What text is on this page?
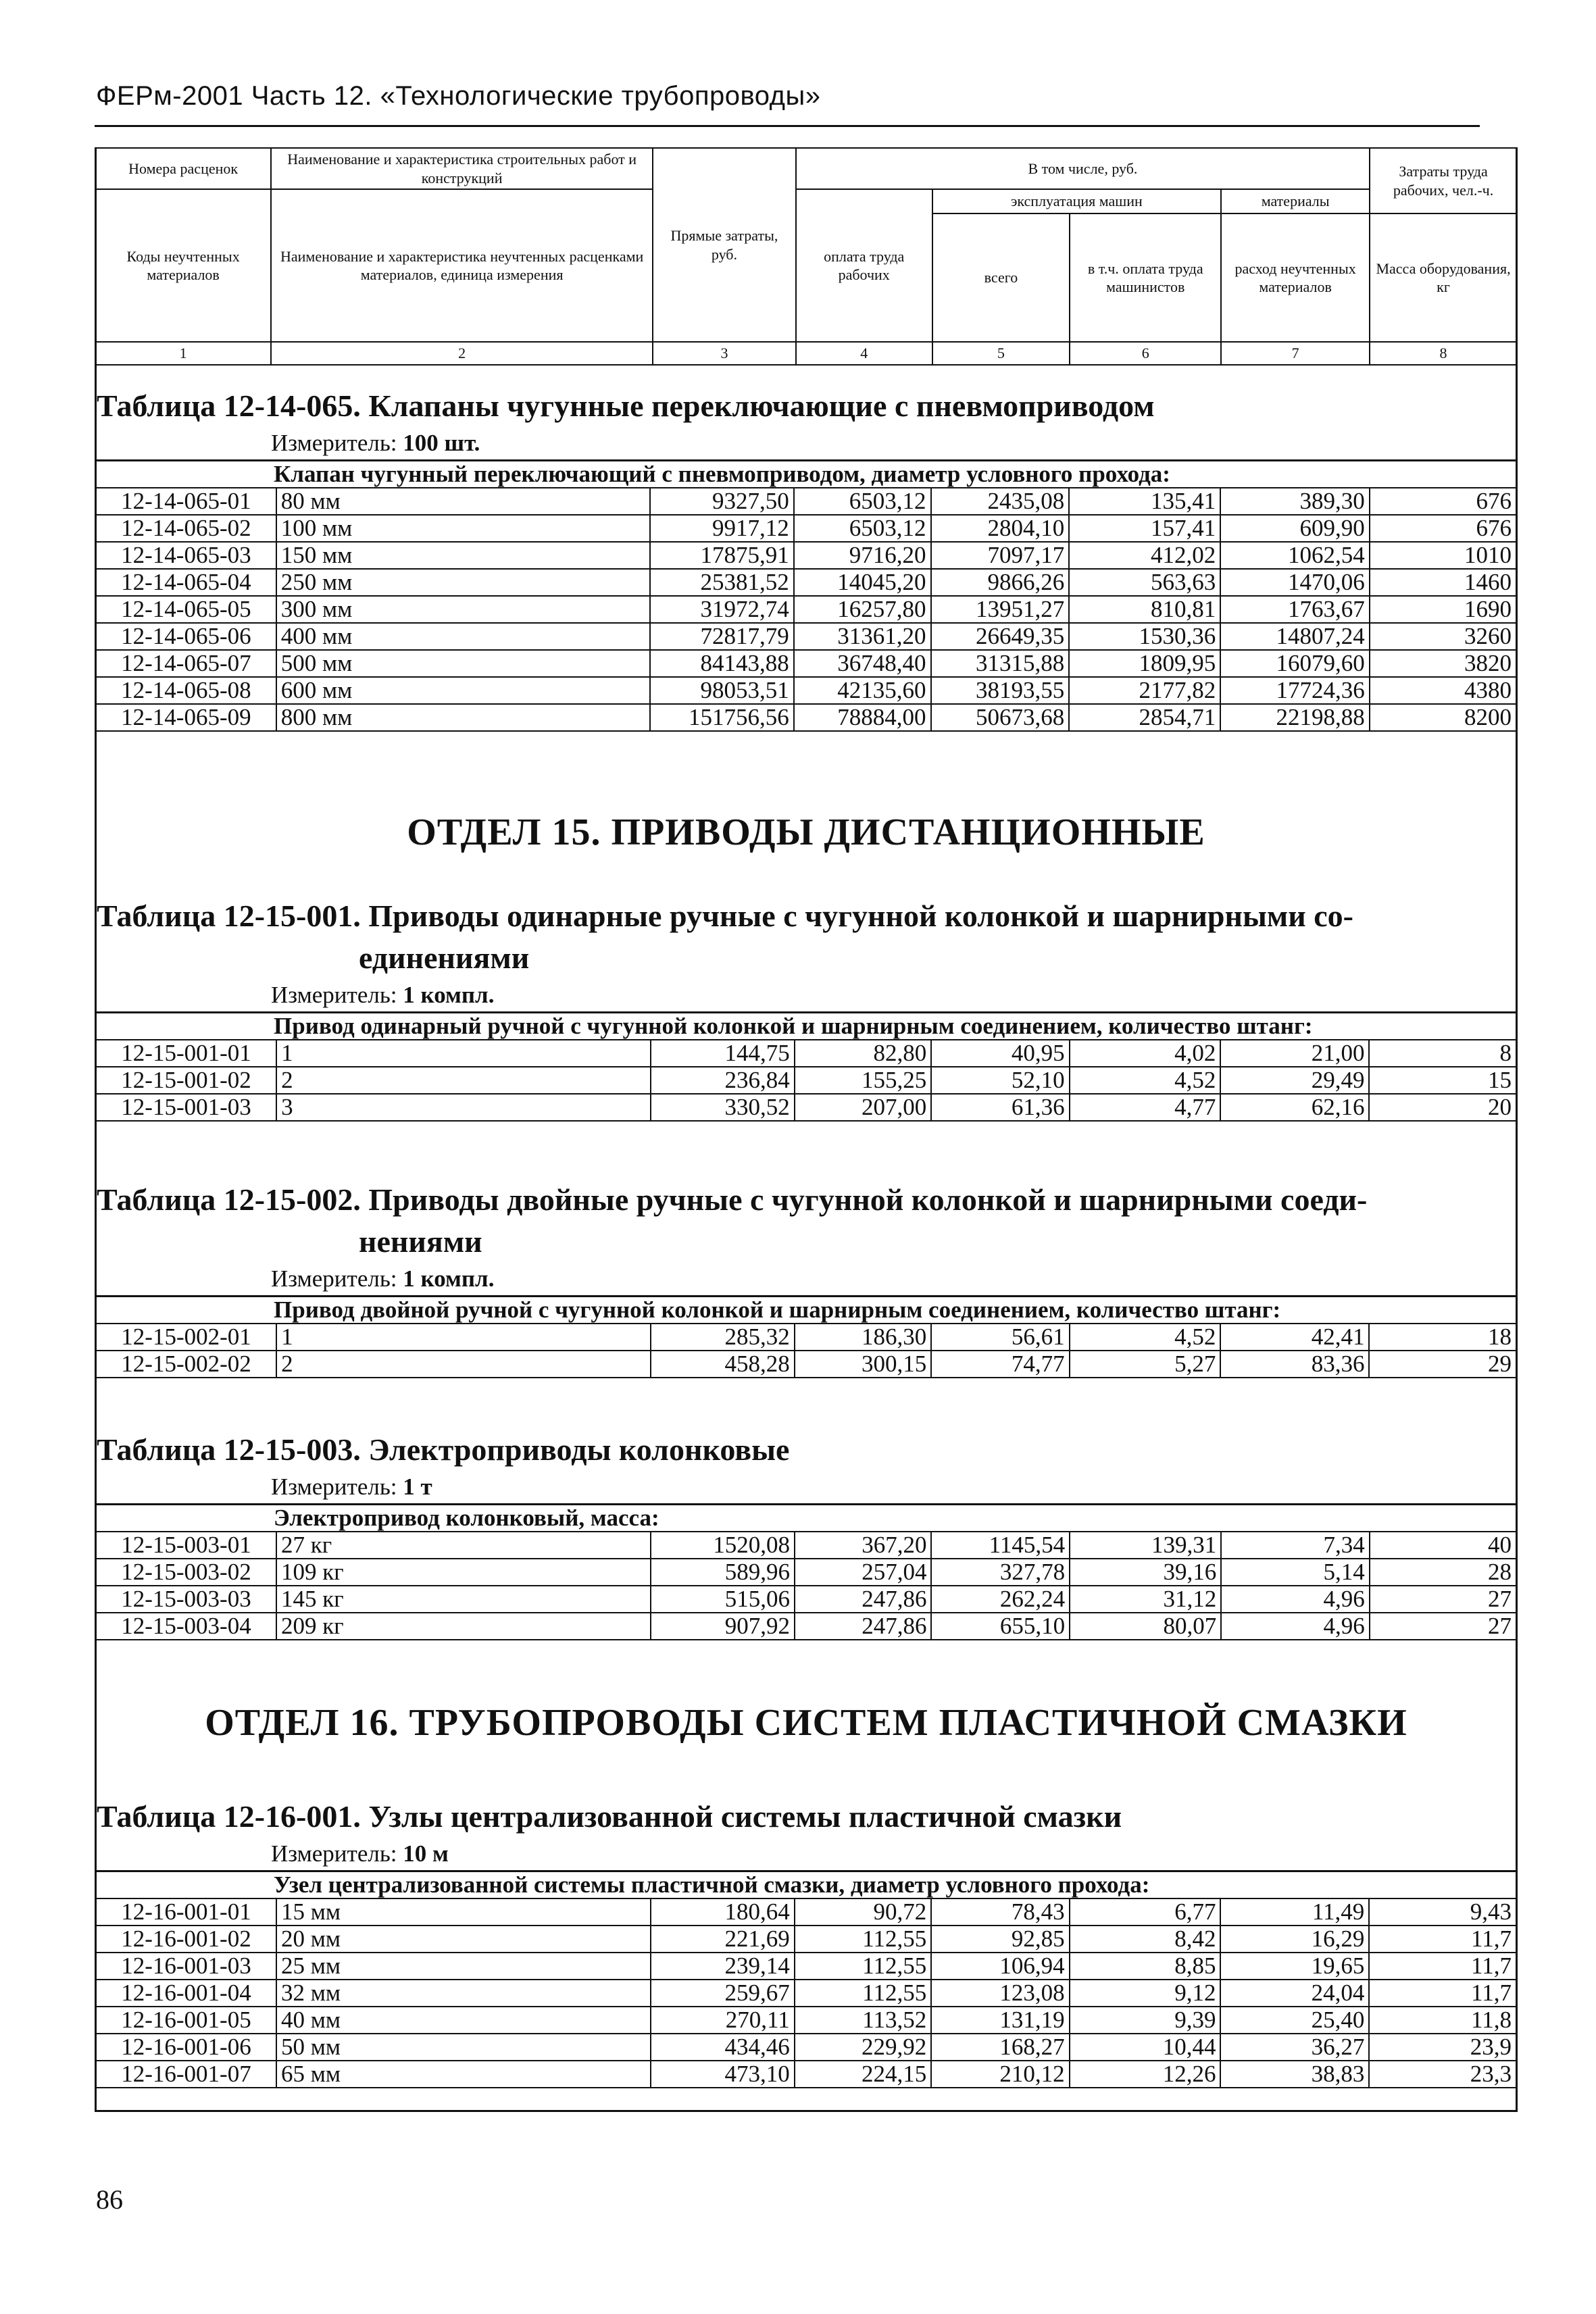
ФЕРм-2001 Часть 12. «Технологические трубопроводы»
Номера расценок	Наименование и характеристика строительных работ и конструкций	Прямые затраты, руб.	В том числе, руб.				Затраты труда рабочих, чел.-ч.
Коды неучтенных материалов	Наименование и характеристика неучтенных расценками материалов, единица измерения		оплата труда рабочих	эксплуатация машин		материалы	
				всего	в т.ч. оплата труда машинистов	расход неучтенных материалов	Масса оборудования, кг
1	2	3	4	5	6	7	8
Таблица 12-14-065. Клапаны чугунные переключающие с пневмоприводом
Измеритель: 100 шт.
Клапан чугунный переключающий с пневмоприводом, диаметр условного прохода:							
12-14-065-01	80 мм	9327,50	6503,12	2435,08	135,41	389,30	676
12-14-065-02	100 мм	9917,12	6503,12	2804,10	157,41	609,90	676
12-14-065-03	150 мм	17875,91	9716,20	7097,17	412,02	1062,54	1010
12-14-065-04	250 мм	25381,52	14045,20	9866,26	563,63	1470,06	1460
12-14-065-05	300 мм	31972,74	16257,80	13951,27	810,81	1763,67	1690
12-14-065-06	400 мм	72817,79	31361,20	26649,35	1530,36	14807,24	3260
12-14-065-07	500 мм	84143,88	36748,40	31315,88	1809,95	16079,60	3820
12-14-065-08	600 мм	98053,51	42135,60	38193,55	2177,82	17724,36	4380
12-14-065-09	800 мм	151756,56	78884,00	50673,68	2854,71	22198,88	8200
ОТДЕЛ 15. ПРИВОДЫ ДИСТАНЦИОННЫЕ
Таблица 12-15-001. Приводы одинарные ручные с чугунной колонкой и шарнирными со-
единениями
Измеритель: 1 компл.
Привод одинарный ручной с чугунной колонкой и шарнирным соединением, количество штанг:							
12-15-001-01	1	144,75	82,80	40,95	4,02	21,00	8
12-15-001-02	2	236,84	155,25	52,10	4,52	29,49	15
12-15-001-03	3	330,52	207,00	61,36	4,77	62,16	20
Таблица 12-15-002. Приводы двойные ручные с чугунной колонкой и шарнирными соеди-
нениями
Измеритель: 1 компл.
Привод двойной ручной с чугунной колонкой и шарнирным соединением, количество штанг:							
12-15-002-01	1	285,32	186,30	56,61	4,52	42,41	18
12-15-002-02	2	458,28	300,15	74,77	5,27	83,36	29
Таблица 12-15-003. Электроприводы колонковые
Измеритель: 1 т
Электропривод колонковый, масса:							
12-15-003-01	27 кг	1520,08	367,20	1145,54	139,31	7,34	40
12-15-003-02	109 кг	589,96	257,04	327,78	39,16	5,14	28
12-15-003-03	145 кг	515,06	247,86	262,24	31,12	4,96	27
12-15-003-04	209 кг	907,92	247,86	655,10	80,07	4,96	27
ОТДЕЛ 16. ТРУБОПРОВОДЫ СИСТЕМ ПЛАСТИЧНОЙ СМАЗКИ
Таблица 12-16-001. Узлы централизованной системы пластичной смазки
Измеритель: 10 м
Узел централизованной системы пластичной смазки, диаметр условного прохода:							
12-16-001-01	15 мм	180,64	90,72	78,43	6,77	11,49	9,43
12-16-001-02	20 мм	221,69	112,55	92,85	8,42	16,29	11,7
12-16-001-03	25 мм	239,14	112,55	106,94	8,85	19,65	11,7
12-16-001-04	32 мм	259,67	112,55	123,08	9,12	24,04	11,7
12-16-001-05	40 мм	270,11	113,52	131,19	9,39	25,40	11,8
12-16-001-06	50 мм	434,46	229,92	168,27	10,44	36,27	23,9
12-16-001-07	65 мм	473,10	224,15	210,12	12,26	38,83	23,3
86
